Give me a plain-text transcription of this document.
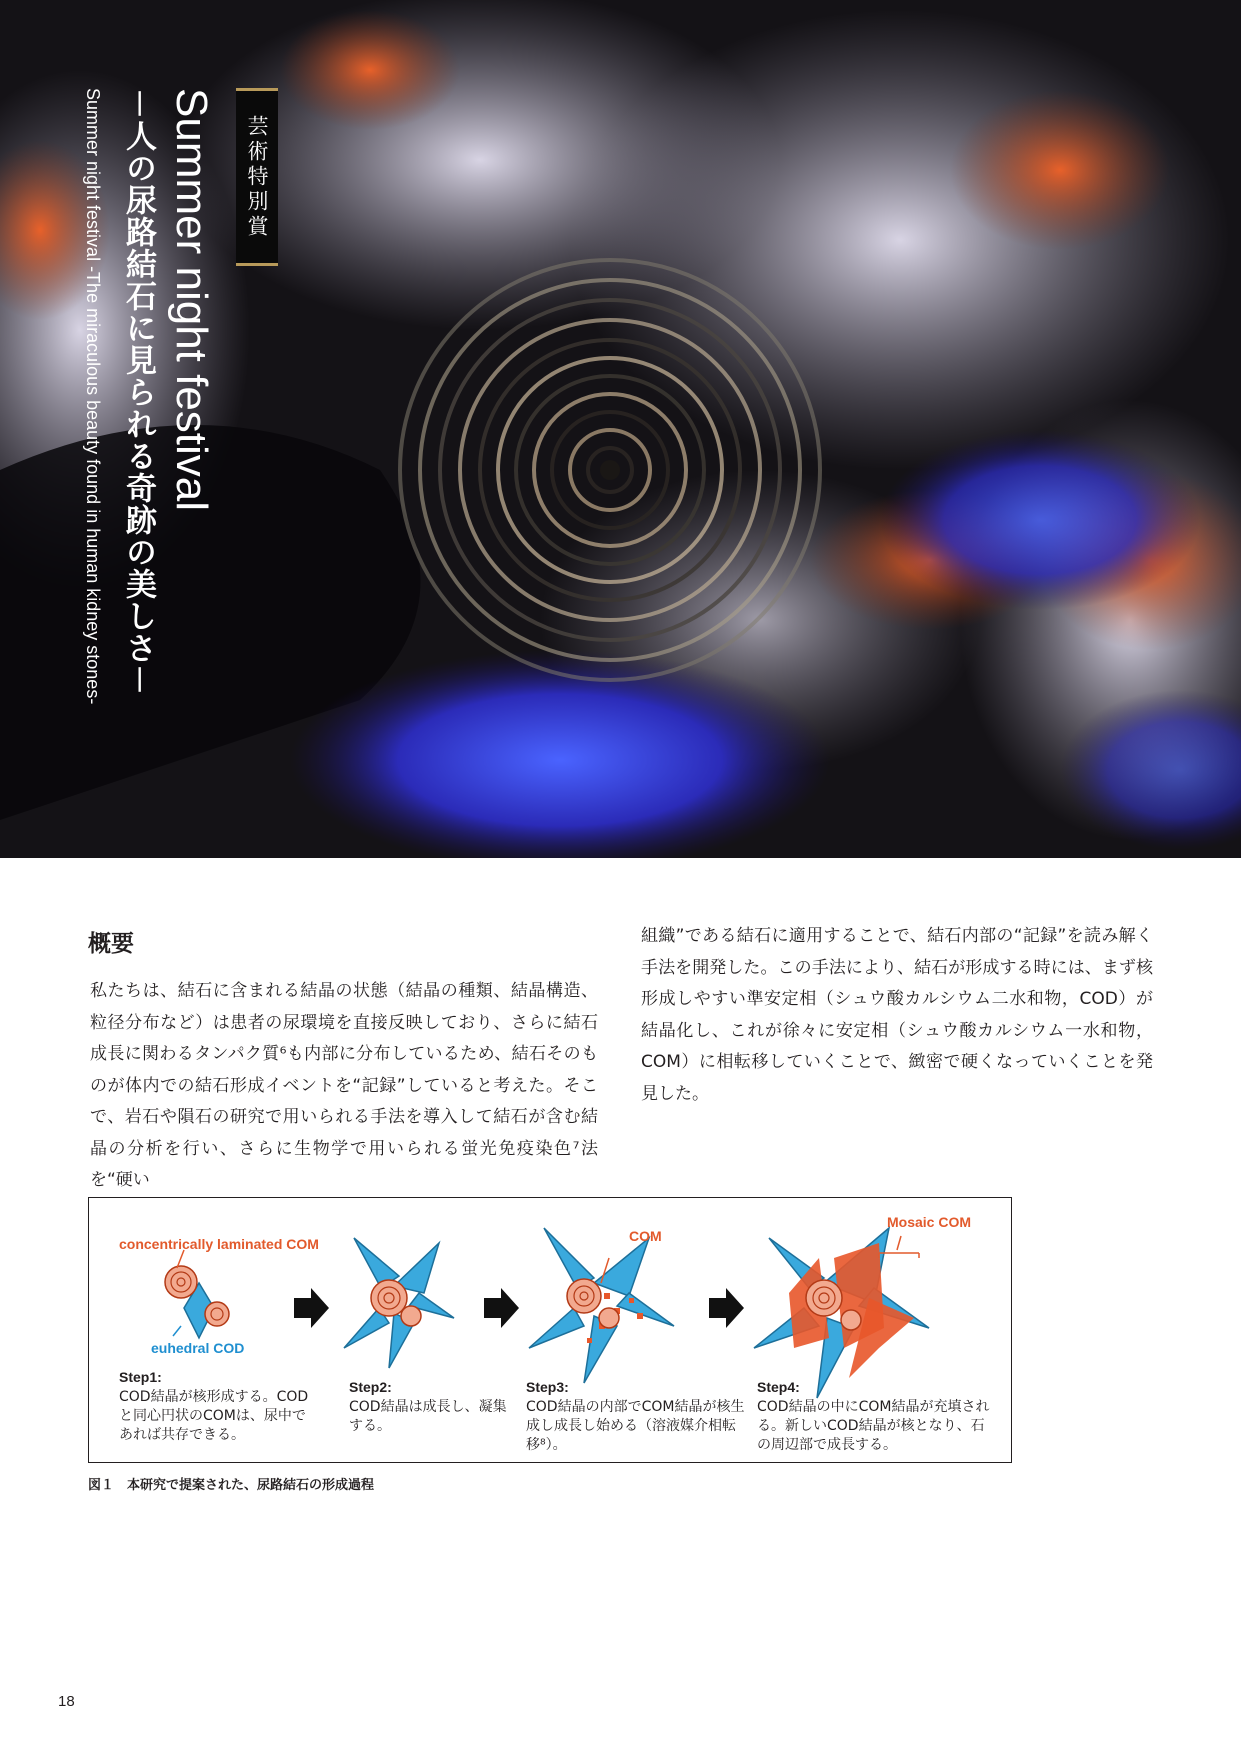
芸術特別賞
Summer night festival
－人の尿路結石に見られる奇跡の美しさ－
Summer night festival -The miraculous beauty found in human kidney stones-
概要
私たちは、結石に含まれる結晶の状態（結晶の種類、結晶構造、粒径分布など）は患者の尿環境を直接反映しており、さらに結石成長に関わるタンパク質⁶も内部に分布しているため、結石そのものが体内での結石形成イベントを“記録”していると考えた。そこで、岩石や隕石の研究で用いられる手法を導入して結石が含む結晶の分析を行い、さらに生物学で用いられる蛍光免疫染色⁷法を“硬い
組織”である結石に適用することで、結石内部の“記録”を読み解く手法を開発した。この手法により、結石が形成する時には、まず核形成しやすい準安定相（シュウ酸カルシウム二水和物，COD）が結晶化し、これが徐々に安定相（シュウ酸カルシウム一水和物，COM）に相転移していくことで、緻密で硬くなっていくことを発見した。
concentrically laminated COM
euhedral COD
COM
Mosaic COM
Step1:
COD結晶が核形成する。CODと同心円状のCOMは、尿中であれば共存できる。
Step2:
COD結晶は成長し、凝集する。
Step3:
COD結晶の内部でCOM結晶が核生成し成長し始める（溶液媒介相転移⁸）。
Step4:
COD結晶の中にCOM結晶が充填される。新しいCOD結晶が核となり、石の周辺部で成長する。
図１　本研究で提案された、尿路結石の形成過程
18
